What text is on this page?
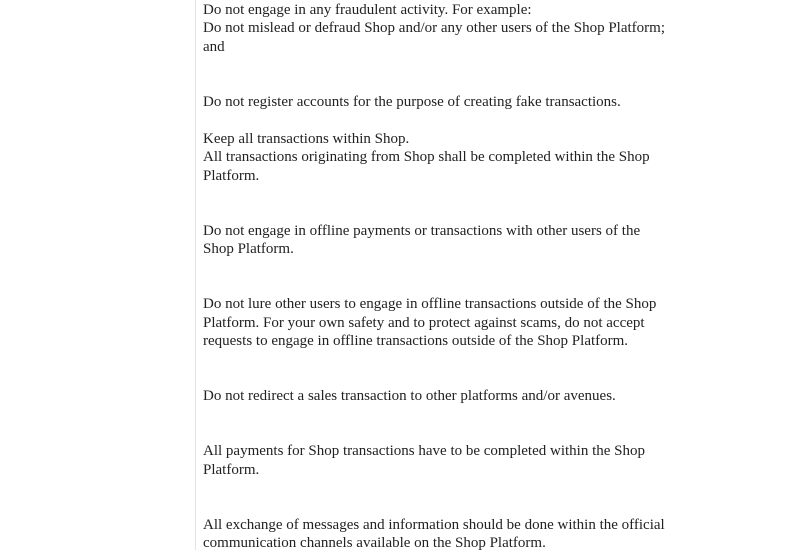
Do not engage in any fraudulent activity. For example:
Do not mislead or defraud Shop and/or any other users of the Shop Platform;
and
Do not register accounts for the purpose of creating fake transactions.
Keep all transactions within Shop.
All transactions originating from Shop shall be completed within the Shop
Platform.
Do not engage in offline payments or transactions with other users of the
Shop Platform.
Do not lure other users to engage in offline transactions outside of the Shop
Platform. For your own safety and to protect against scams, do not accept
requests to engage in offline transactions outside of the Shop Platform.
Do not redirect a sales transaction to other platforms and/or avenues.
All payments for Shop transactions have to be completed within the Shop
Platform.
All exchange of messages and information should be done within the official
communication channels available on the Shop Platform.
